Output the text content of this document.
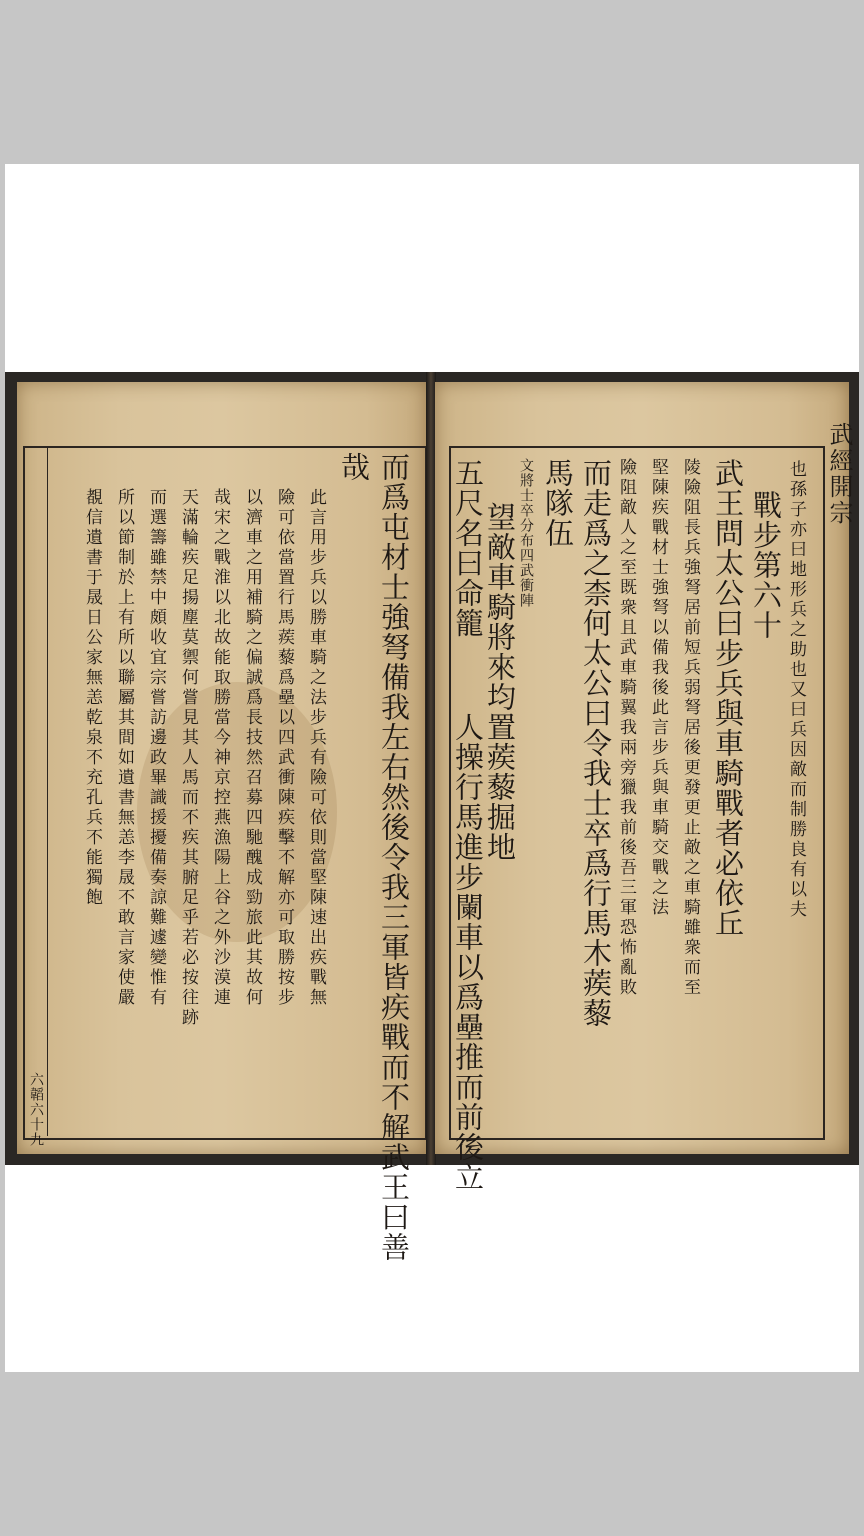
而爲屯材士強弩備我左右然後令我三軍皆疾戰而不解武王曰善
哉
此言用步兵以勝車騎之法步兵有險可依則當堅陳速出疾戰無
險可依當置行馬蒺藜爲壘以四武衝陳疾擊不解亦可取勝按步
以濟車之用補騎之偏誠爲長技然召募四馳醜成勁旅此其故何
哉宋之戰淮以北故能取勝當今神京控燕漁陽上谷之外沙漠連
天滿輪疾足揚塵莫禦何嘗見其人馬而不疾其腑足乎若必按往跡
而選籌雖禁中頗收宜宗嘗訪邊政畢識援擾備奏諒難遽變惟有
所以節制於上有所以聯屬其間如遺書無恙李晟不敢言家使嚴
覩信遺書于晟日公家無恙乾泉不充孔兵不能獨飽
六韜六十九
武經開宗
也孫子亦曰地形兵之助也又曰兵因敵而制勝良有以夫
戰步第六十
武王問太公曰步兵與車騎戰者必依丘
陵險阻長兵強弩居前短兵弱弩居後更發更止敵之車騎雖衆而至
堅陳疾戰材士強弩以備我後此言步兵與車騎交戰之法
險阻敵人之至既衆且武車騎翼我兩旁獵我前後吾三軍恐怖亂敗
而走爲之柰何太公曰令我士卒爲行馬木蒺藜
馬隊伍
文將士卒分布四武衝陣
望敵車騎將來均置蒺藜掘地
五尺名曰命籠
人操行馬進步闌車以爲壘推而前後立
